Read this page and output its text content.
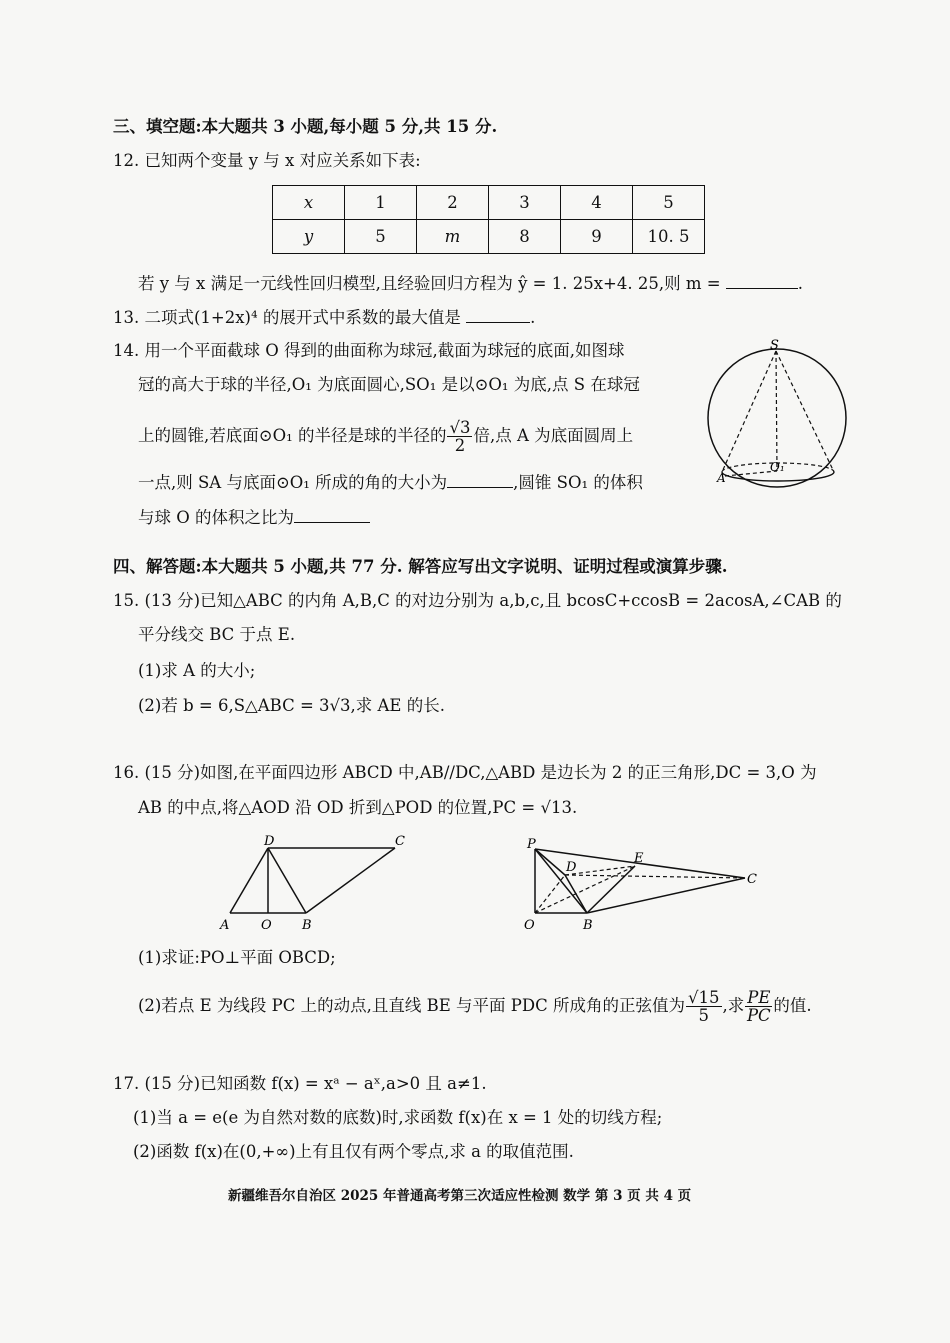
三、填空题:本大题共 3 小题,每小题 5 分,共 15 分.
12. 已知两个变量 y 与 x 对应关系如下表:
x	1	2	3	4	5
y	5	m	8	9	10. 5
若 y 与 x 满足一元线性回归模型,且经验回归方程为 ŷ = 1. 25x+4. 25,则 m =	.
13. 二项式(1+2x)⁴ 的展开式中系数的最大值是	.
14. 用一个平面截球 O 得到的曲面称为球冠,截面为球冠的底面,如图球
冠的高大于球的半径,O₁ 为底面圆心,SO₁ 是以⊙O₁ 为底,点 S 在球冠
上的圆锥,若底面⊙O₁ 的半径是球的半径的 $\frac{√3}{2}$ 倍,点 A 为底面圆周上
一点,则 SA 与底面⊙O₁ 所成的角的大小为	,圆锥 SO₁ 的体积
与球 O 的体积之比为
S
O₁
A
四、解答题:本大题共 5 小题,共 77 分. 解答应写出文字说明、证明过程或演算步骤.
15. (13 分)已知△ABC 的内角 A,B,C 的对边分别为 a,b,c,且 bcosC+ccosB = 2acosA,∠CAB 的
平分线交 BC 于点 E.
(1)求 A 的大小;
(2)若 b = 6,S△ABC = 3√3,求 AE 的长.
16. (15 分)如图,在平面四边形 ABCD 中,AB//DC,△ABD 是边长为 2 的正三角形,DC = 3,O 为
AB 的中点,将△AOD 沿 OD 折到△POD 的位置,PC = √13.
D	C
A O B
P
D
E
C
O	B
(1)求证:PO⊥平面 OBCD;
(2)若点 E 为线段 PC 上的动点,且直线 BE 与平面 PDC 所成角的正弦值为 $\frac{√15}{5}$ ,求 $\frac{PE}{PC}$ 的值.
17. (15 分)已知函数 f(x) = xᵃ − aˣ,a>0 且 a≠1.
(1)当 a = e(e 为自然对数的底数)时,求函数 f(x)在 x = 1 处的切线方程;
(2)函数 f(x)在(0,+∞)上有且仅有两个零点,求 a 的取值范围.
新疆维吾尔自治区 2025 年普通高考第三次适应性检测 数学 第 3 页 共 4 页
